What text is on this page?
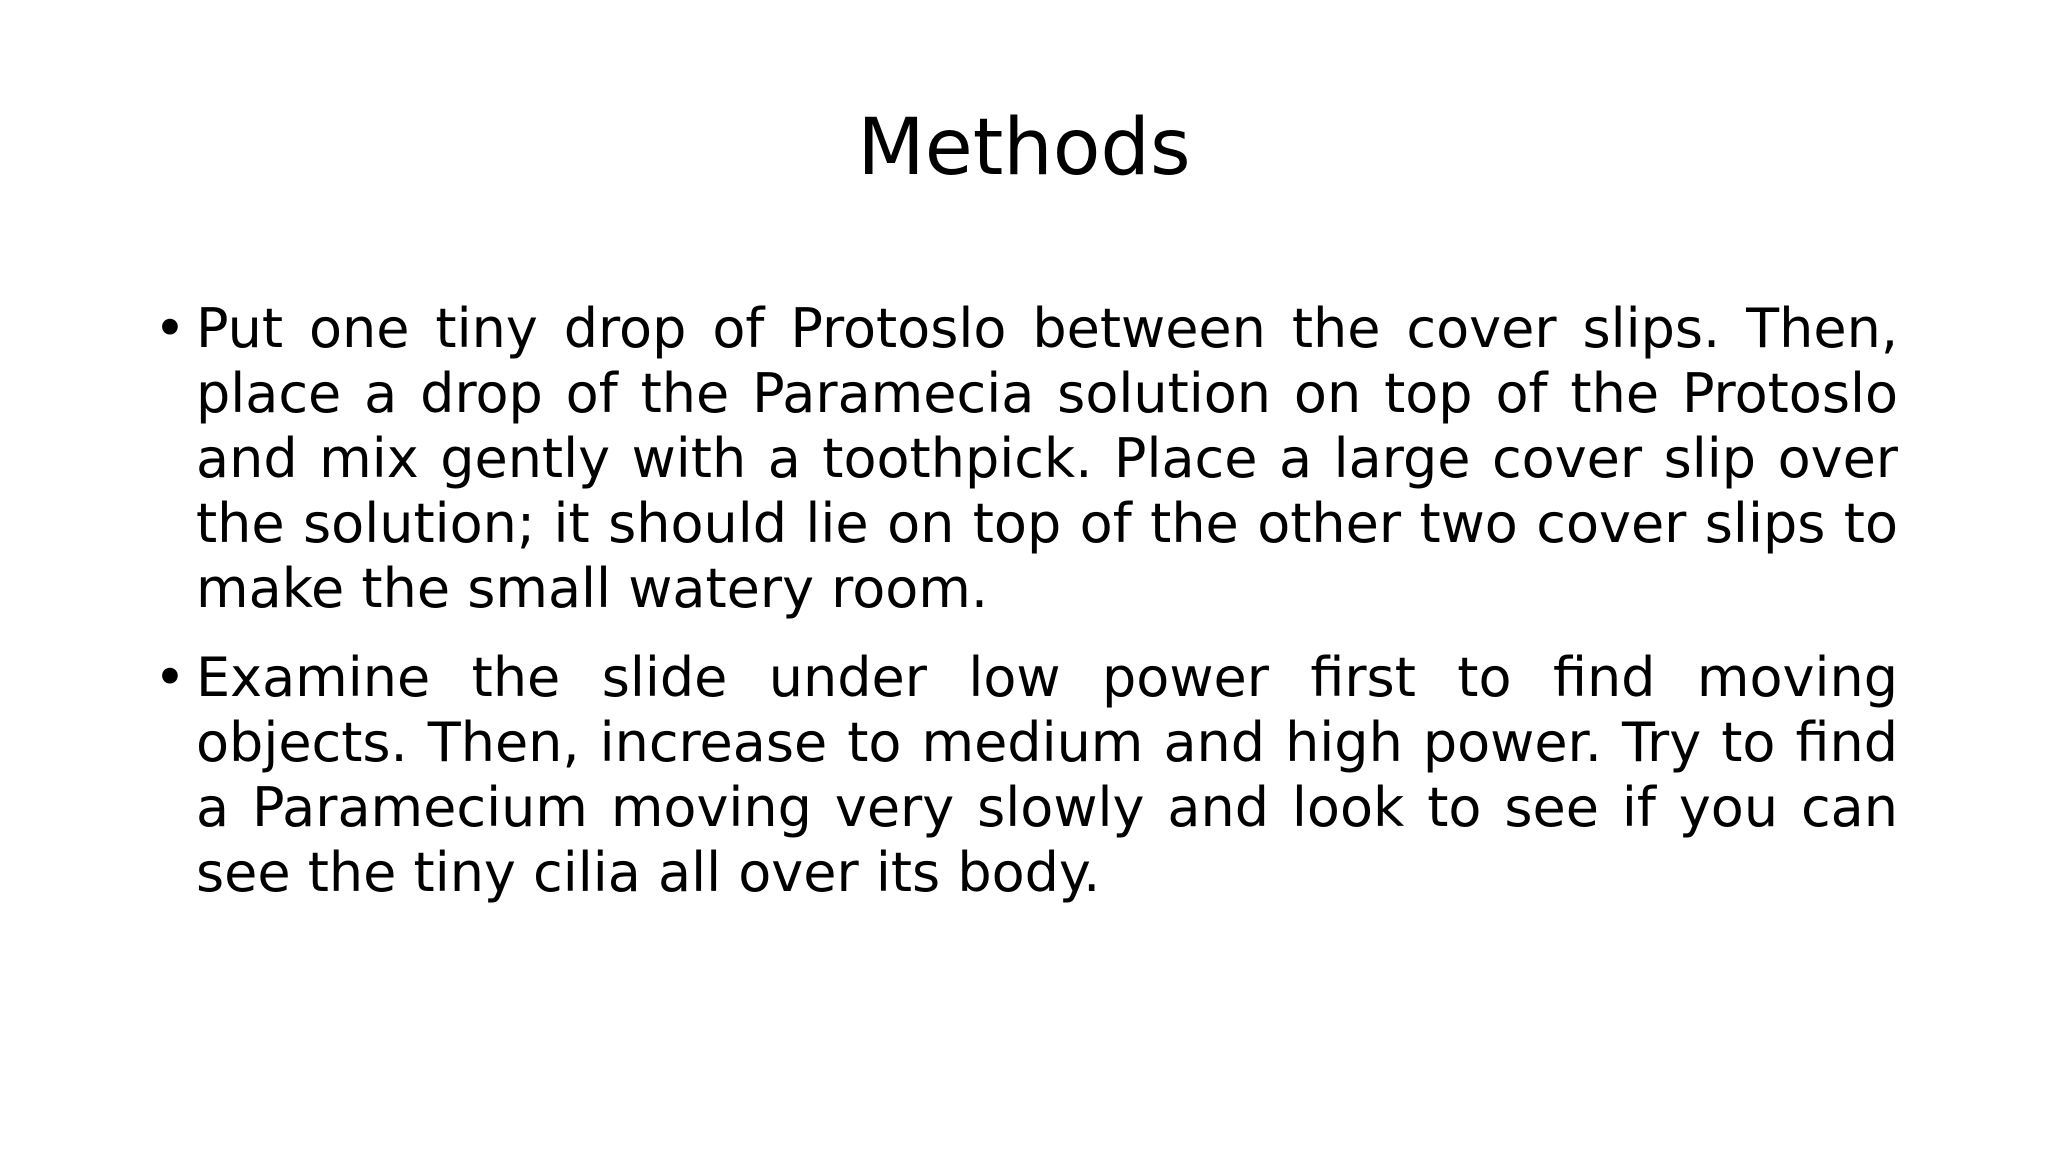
Methods
• Put one tiny drop of Protoslo between the cover slips. Then, place a drop of the Paramecia solution on top of the Protoslo and mix gently with a toothpick. Place a large cover slip over the solution; it should lie on top of the other two cover slips to make the small watery room.
• Examine the slide under low power first to find moving objects. Then, increase to medium and high power. Try to find a Paramecium moving very slowly and look to see if you can see the tiny cilia all over its body.
